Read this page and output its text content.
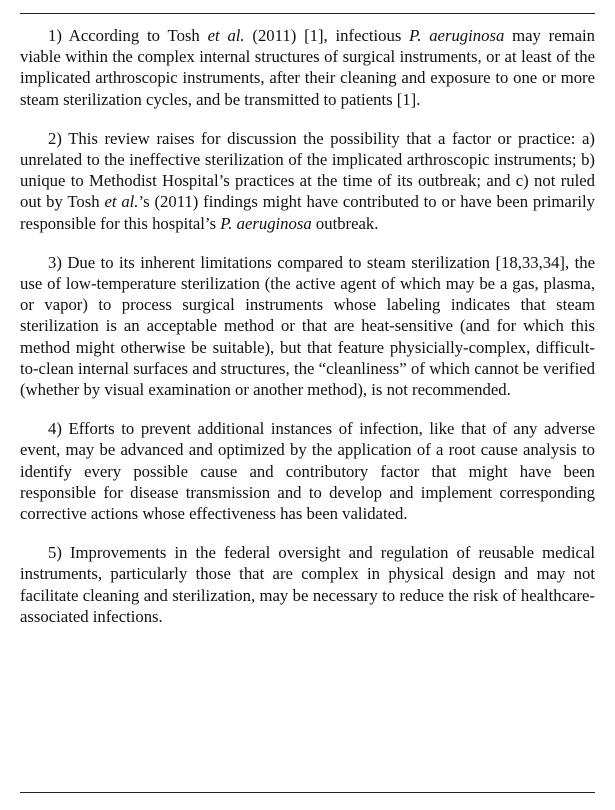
1) According to Tosh et al. (2011) [1], infectious P. aeruginosa may remain viable within the complex internal structures of surgical instruments, or at least of the implicated arthroscopic instruments, after their cleaning and exposure to one or more steam sterilization cycles, and be transmitted to patients [1].

2) This review raises for discussion the possibility that a factor or practice: a) unrelated to the ineffective sterilization of the implicated arthroscopic instruments; b) unique to Methodist Hospital’s practices at the time of its outbreak; and c) not ruled out by Tosh et al.’s (2011) findings might have contributed to or have been primarily responsible for this hospital’s P. aeruginosa outbreak.

3) Due to its inherent limitations compared to steam sterilization [18,33,34], the use of low-temperature sterilization (the active agent of which may be a gas, plasma, or vapor) to process surgical instruments whose labeling indicates that steam sterilization is an acceptable method or that are heat-sensitive (and for which this method might otherwise be suitable), but that feature physicially-complex, difficult-to-clean internal surfaces and structures, the “cleanliness” of which cannot be verified (whether by visual examination or another method), is not recommended.

4) Efforts to prevent additional instances of infection, like that of any adverse event, may be advanced and optimized by the application of a root cause analysis to identify every possible cause and contributory factor that might have been responsible for disease transmission and to develop and implement corresponding corrective actions whose effectiveness has been validated.

5) Improvements in the federal oversight and regulation of reusable medical instruments, particularly those that are complex in physical design and may not facilitate cleaning and sterilization, may be necessary to reduce the risk of healthcare-associated infections.
